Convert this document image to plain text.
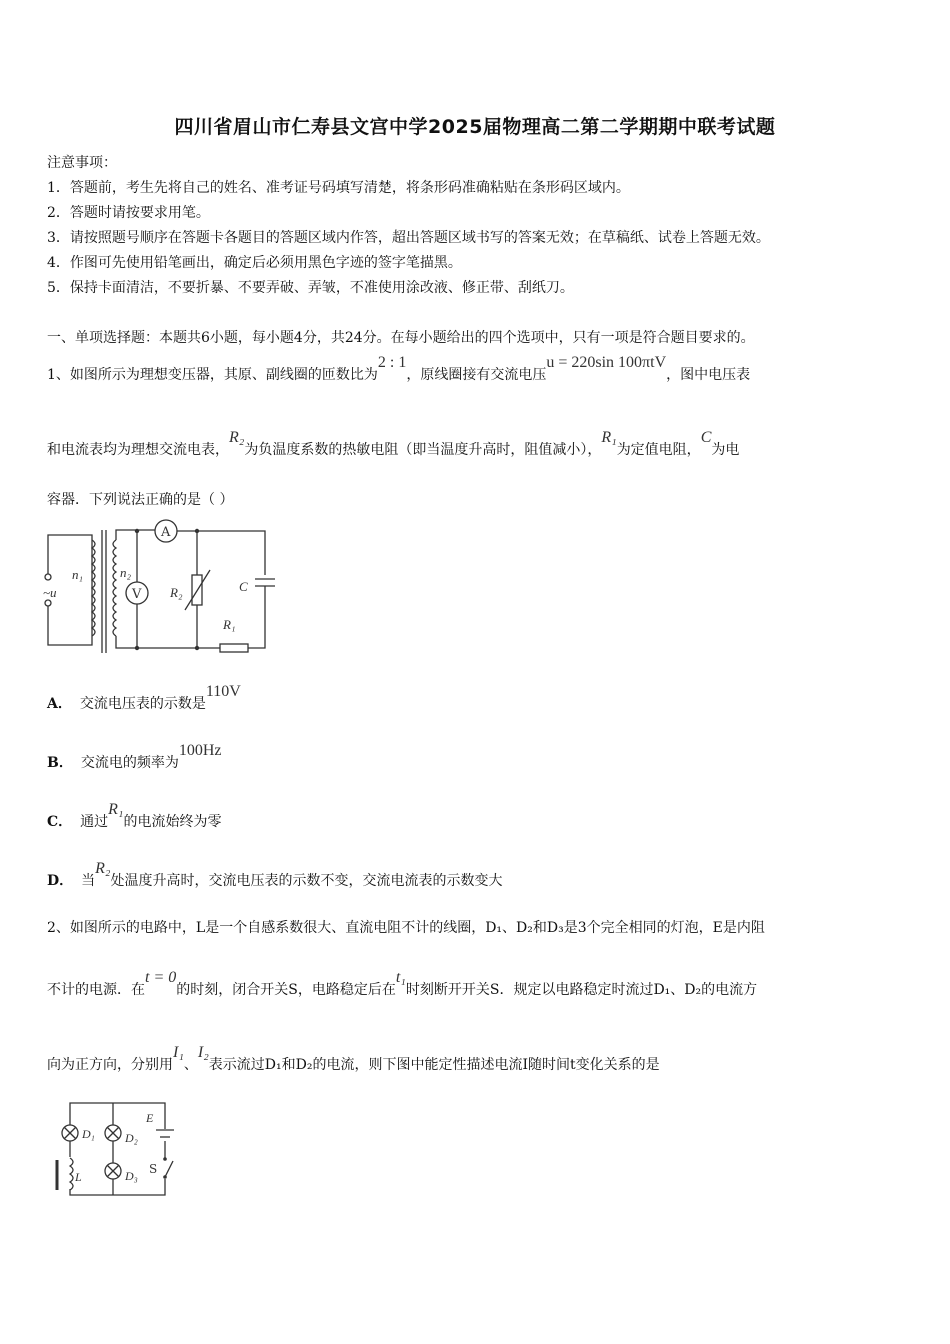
四川省眉山市仁寿县文宫中学2025届物理高二第二学期期中联考试题
注意事项：
1．答题前，考生先将自己的姓名、准考证号码填写清楚，将条形码准确粘贴在条形码区域内。
2．答题时请按要求用笔。
3．请按照题号顺序在答题卡各题目的答题区域内作答，超出答题区域书写的答案无效；在草稿纸、试卷上答题无效。
4．作图可先使用铅笔画出，确定后必须用黑色字迹的签字笔描黑。
5．保持卡面清洁，不要折暴、不要弄破、弄皱，不准使用涂改液、修正带、刮纸刀。
一、单项选择题：本题共6小题，每小题4分，共24分。在每小题给出的四个选项中，只有一项是符合题目要求的。
1、如图所示为理想变压器，其原、副线圈的匝数比为2 : 1，原线圈接有交流电压u = 220sin 100πtV，图中电压表
和电流表均为理想交流电表，R₂为负温度系数的热敏电阻（即当温度升高时，阻值减小），R₁为定值电阻，C为电
容器．下列说法正确的是（ ）
A
V
n₁	n₂
~u	R₂	C
R₁
A． 交流电压表的示数是110V
B． 交流电的频率为100Hz
C． 通过R₁的电流始终为零
D． 当R₂处温度升高时，交流电压表的示数不变，交流电流表的示数变大
2、如图所示的电路中，L是一个自感系数很大、直流电阻不计的线圈，D₁、D₂和D₃是3个完全相同的灯泡，E是内阻
不计的电源．在t = 0的时刻，闭合开关S，电路稳定后在t₁时刻断开开关S．规定以电路稳定时流过D₁、D₂的电流方
向为正方向，分别用I₁、I₂表示流过D₁和D₂的电流，则下图中能定性描述电流I随时间t变化关系的是
D₁	D₂
D₃
L
E
S
